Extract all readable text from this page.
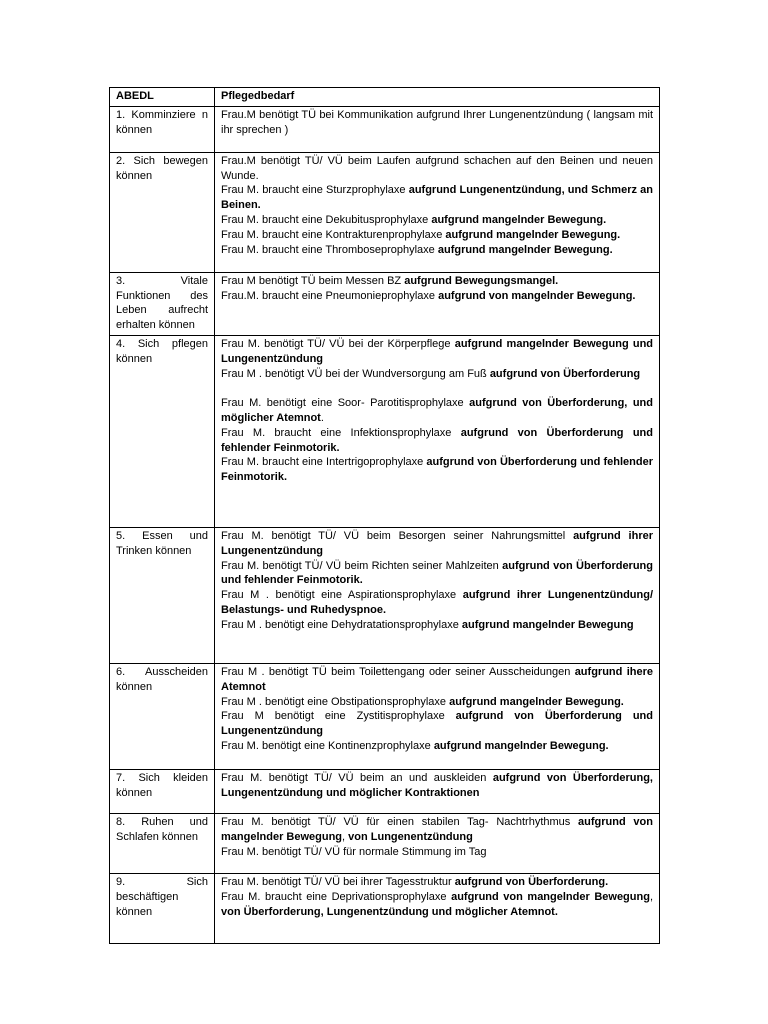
ABEDL	Pflegedbedarf
1. Komminziere n können	Frau.M benötigt TÜ bei Kommunikation aufgrund Ihrer Lungenentzündung ( langsam mit ihr sprechen )

2. Sich bewegen können	Frau.M benötigt TÜ/ VÜ beim Laufen aufgrund schachen auf den Beinen und neuen Wunde.
Frau M. braucht eine Sturzprophylaxe aufgrund Lungenentzündung, und Schmerz an Beinen.
Frau M. braucht eine Dekubitusprophylaxe aufgrund mangelnder Bewegung.
Frau M. braucht eine Kontrakturenprophylaxe aufgrund mangelnder Bewegung.
Frau M. braucht eine Thromboseprophylaxe aufgrund mangelnder Bewegung.

3. Vitale Funktionen des Leben aufrecht erhalten können	Frau M benötigt TÜ beim Messen BZ aufgrund Bewegungsmangel.
Frau.M. braucht eine Pneumonieprophylaxe aufgrund von mangelnder Bewegung.

4. Sich pflegen können	Frau M. benötigt TÜ/ VÜ bei der Körperpflege aufgrund mangelnder Bewegung und Lungenentzündung
Frau M . benötigt VÜ bei der Wundversorgung am Fuß aufgrund von Überforderung
Frau M. benötigt eine Soor- Parotitisprophylaxe aufgrund von Überforderung, und möglicher Atemnot.
Frau M. braucht eine Infektionsprophylaxe aufgrund von Überforderung und fehlender Feinmotorik.
Frau M. braucht eine Intertrigoprophylaxe aufgrund von Überforderung und fehlender Feinmotorik.

5. Essen und Trinken können	Frau M. benötigt TÜ/ VÜ beim Besorgen seiner Nahrungsmittel aufgrund ihrer Lungenentzündung
Frau M. benötigt TÜ/ VÜ beim Richten seiner Mahlzeiten aufgrund von Überforderung und fehlender Feinmotorik.
Frau M . benötigt eine Aspirationsprophylaxe aufgrund ihrer Lungenentzündung/ Belastungs- und Ruhedyspnoe.
Frau M . benötigt eine Dehydratationsprophylaxe aufgrund mangelnder Bewegung

6. Ausscheiden können	Frau M . benötigt TÜ beim Toilettengang oder seiner Ausscheidungen aufgrund ihere Atemnot
Frau M . benötigt eine Obstipationsprophylaxe aufgrund mangelnder Bewegung.
Frau M benötigt eine Zystitisprophylaxe aufgrund von Überforderung und Lungenentzündung
Frau M. benötigt eine Kontinenzprophylaxe aufgrund mangelnder Bewegung.

7. Sich kleiden können	Frau M. benötigt TÜ/ VÜ beim an und auskleiden aufgrund von Überforderung, Lungenentzündung und möglicher Kontraktionen

8. Ruhen und Schlafen können	Frau M. benötigt TÜ/ VÜ für einen stabilen Tag- Nachtrhythmus aufgrund von mangelnder Bewegung, von Lungenentzündung
Frau M. benötigt TÜ/ VÜ für normale Stimmung im Tag

9. Sich beschäftigen können	Frau M. benötigt TÜ/ VÜ bei ihrer Tagesstruktur aufgrund von Überforderung.
Frau M. braucht eine Deprivationsprophylaxe aufgrund von mangelnder Bewegung, von Überforderung, Lungenentzündung und möglicher Atemnot.
